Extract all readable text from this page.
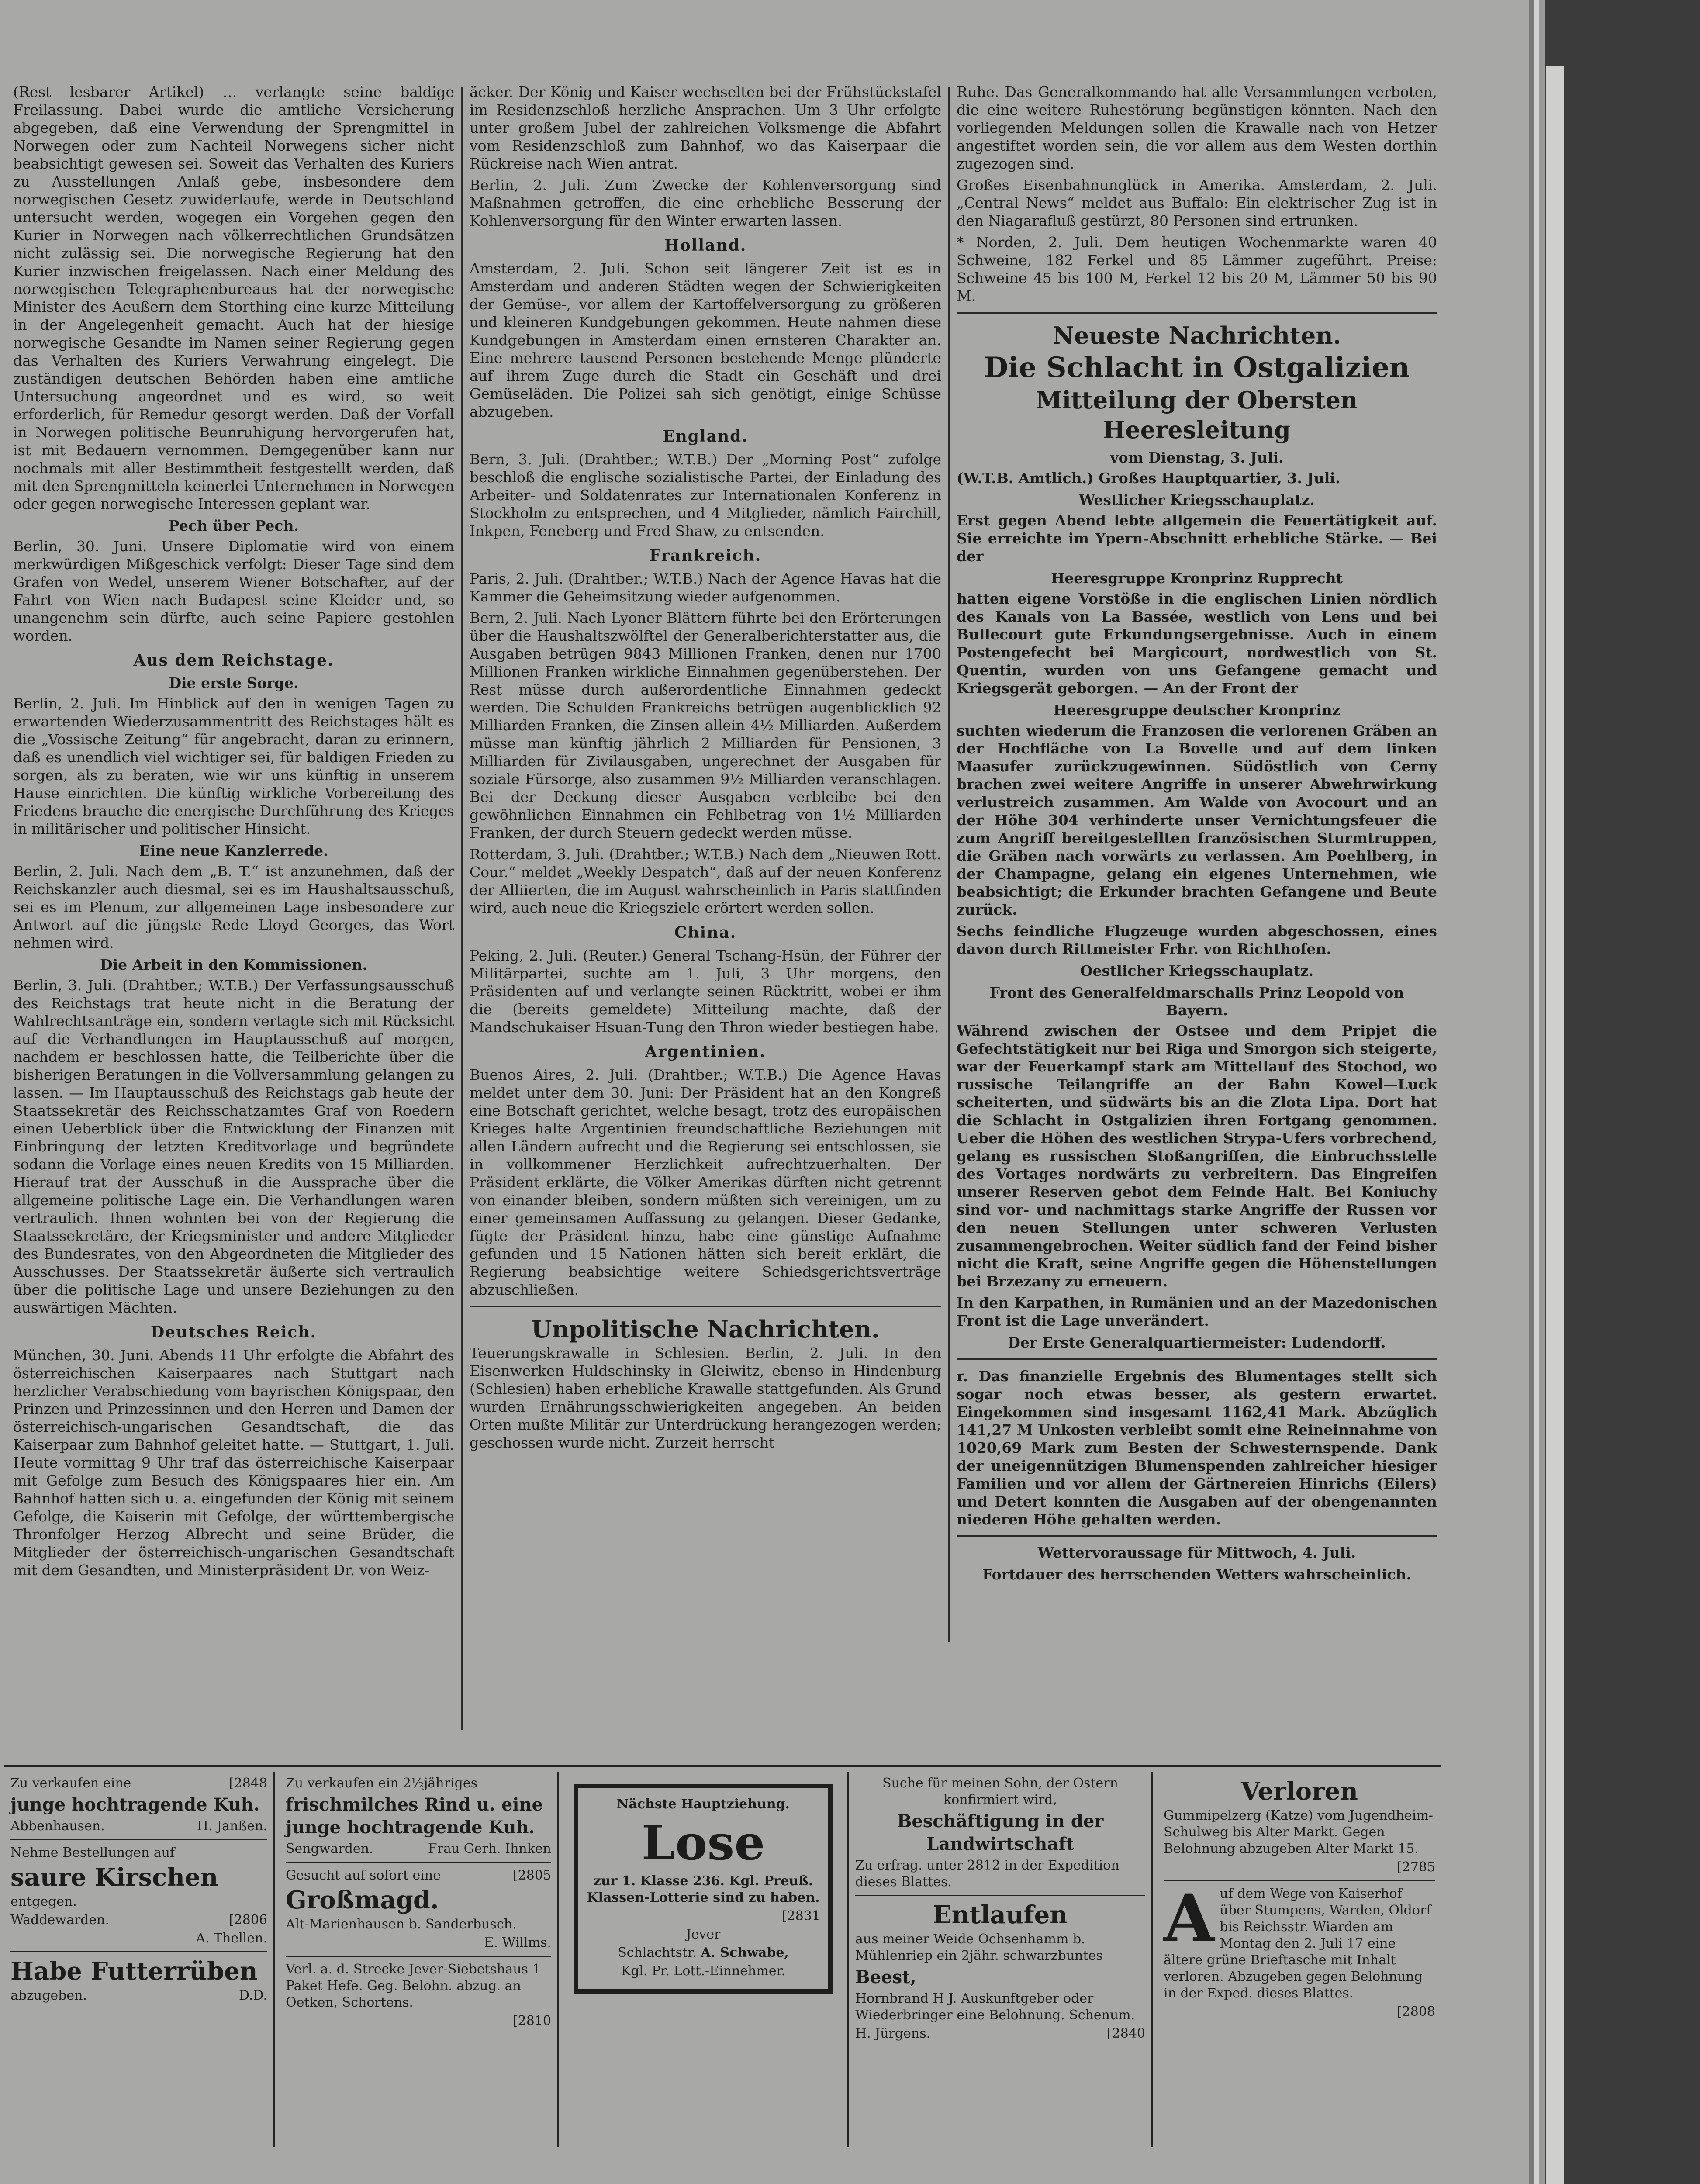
(Rest lesbarer Artikel) … verlangte seine baldige Freilassung. Dabei wurde die amtliche Versicherung abgegeben, daß eine Verwendung der Sprengmittel in Norwegen oder zum Nachteil Norwegens sicher nicht beabsichtigt gewesen sei. Soweit das Verhalten des Kuriers zu Ausstellungen Anlaß gebe, insbesondere dem norwegischen Gesetz zuwiderlaufe, werde in Deutschland untersucht werden, wogegen ein Vorgehen gegen den Kurier in Norwegen nach völkerrechtlichen Grundsätzen nicht zulässig sei. Die norwegische Regierung hat den Kurier inzwischen freigelassen. Nach einer Meldung des norwegischen Telegraphenbureaus hat der norwegische Minister des Aeußern dem Storthing eine kurze Mitteilung in der Angelegenheit gemacht. Auch hat der hiesige norwegische Gesandte im Namen seiner Regierung gegen das Verhalten des Kuriers Verwahrung eingelegt. Die zuständigen deutschen Behörden haben eine amtliche Untersuchung angeordnet und es wird, so weit erforderlich, für Remedur gesorgt werden. Daß der Vorfall in Norwegen politische Beunruhigung hervorgerufen hat, ist mit Bedauern vernommen. Demgegenüber kann nur nochmals mit aller Bestimmtheit festgestellt werden, daß mit den Sprengmitteln keinerlei Unternehmen in Norwegen oder gegen norwegische Interessen geplant war.

Pech über Pech.

Berlin, 30. Juni. Unsere Diplomatie wird von einem merkwürdigen Mißgeschick verfolgt: Dieser Tage sind dem Grafen von Wedel, unserem Wiener Botschafter, auf der Fahrt von Wien nach Budapest seine Kleider und, so unangenehm sein dürfte, auch seine Papiere gestohlen worden.

Aus dem Reichstage.
Die erste Sorge.

Berlin, 2. Juli. Im Hinblick auf den in wenigen Tagen zu erwartenden Wiederzusammentritt des Reichstages hält es die „Vossische Zeitung“ für angebracht, daran zu erinnern, daß es unendlich viel wichtiger sei, für baldigen Frieden zu sorgen, als zu beraten, wie wir uns künftig in unserem Hause einrichten. Die künftig wirkliche Vorbereitung des Friedens brauche die energische Durchführung des Krieges in militärischer und politischer Hinsicht.

Eine neue Kanzlerrede.

Berlin, 2. Juli. Nach dem „B. T.“ ist anzunehmen, daß der Reichskanzler auch diesmal, sei es im Haushaltsausschuß, sei es im Plenum, zur allgemeinen Lage insbesondere zur Antwort auf die jüngste Rede Lloyd Georges, das Wort nehmen wird.

Die Arbeit in den Kommissionen.

Berlin, 3. Juli. (Drahtber.; W.T.B.) Der Verfassungsausschuß des Reichstags trat heute nicht in die Beratung der Wahlrechtsanträge ein, sondern vertagte sich mit Rücksicht auf die Verhandlungen im Hauptausschuß auf morgen, nachdem er beschlossen hatte, die Teilberichte über die bisherigen Beratungen in die Vollversammlung gelangen zu lassen. — Im Hauptausschuß des Reichstags gab heute der Staatssekretär des Reichsschatzamtes Graf von Roedern einen Ueberblick über die Entwicklung der Finanzen mit Einbringung der letzten Kreditvorlage und begründete sodann die Vorlage eines neuen Kredits von 15 Milliarden. Hierauf trat der Ausschuß in die Aussprache über die allgemeine politische Lage ein. Die Verhandlungen waren vertraulich. Ihnen wohnten bei von der Regierung die Staatssekretäre, der Kriegsminister und andere Mitglieder des Bundesrates, von den Abgeordneten die Mitglieder des Ausschusses. Der Staatssekretär äußerte sich vertraulich über die politische Lage und unsere Beziehungen zu den auswärtigen Mächten.

Deutsches Reich.

München, 30. Juni. Abends 11 Uhr erfolgte die Abfahrt des österreichischen Kaiserpaares nach Stuttgart nach herzlicher Verabschiedung vom bayrischen Königspaar, den Prinzen und Prinzessinnen und den Herren und Damen der österreichisch-ungarischen Gesandtschaft, die das Kaiserpaar zum Bahnhof geleitet hatte. — Stuttgart, 1. Juli. Heute vormittag 9 Uhr traf das österreichische Kaiserpaar mit Gefolge zum Besuch des Königspaares hier ein. Am Bahnhof hatten sich u. a. eingefunden der König mit seinem Gefolge, die Kaiserin mit Gefolge, der württembergische Thronfolger Herzog Albrecht und seine Brüder, die Mitglieder der österreichisch-ungarischen Gesandtschaft mit dem Gesandten, und Ministerpräsident Dr. von Weiz-

äcker. Der König und Kaiser wechselten bei der Frühstückstafel im Residenzschloß herzliche Ansprachen. Um 3 Uhr erfolgte unter großem Jubel der zahlreichen Volksmenge die Abfahrt vom Residenzschloß zum Bahnhof, wo das Kaiserpaar die Rückreise nach Wien antrat.

Berlin, 2. Juli. Zum Zwecke der Kohlenversorgung sind Maßnahmen getroffen, die eine erhebliche Besserung der Kohlenversorgung für den Winter erwarten lassen.

Holland.

Amsterdam, 2. Juli. Schon seit längerer Zeit ist es in Amsterdam und anderen Städten wegen der Schwierigkeiten der Gemüse-, vor allem der Kartoffelversorgung zu größeren und kleineren Kundgebungen gekommen. Heute nahmen diese Kundgebungen in Amsterdam einen ernsteren Charakter an. Eine mehrere tausend Personen bestehende Menge plünderte auf ihrem Zuge durch die Stadt ein Geschäft und drei Gemüseläden. Die Polizei sah sich genötigt, einige Schüsse abzugeben.

England.

Bern, 3. Juli. (Drahtber.; W.T.B.) Der „Morning Post“ zufolge beschloß die englische sozialistische Partei, der Einladung des Arbeiter- und Soldatenrates zur Internationalen Konferenz in Stockholm zu entsprechen, und 4 Mitglieder, nämlich Fairchill, Inkpen, Feneberg und Fred Shaw, zu entsenden.

Frankreich.

Paris, 2. Juli. (Drahtber.; W.T.B.) Nach der Agence Havas hat die Kammer die Geheimsitzung wieder aufgenommen.

Bern, 2. Juli. Nach Lyoner Blättern führte bei den Erörterungen über die Haushaltszwölftel der Generalberichterstatter aus, die Ausgaben betrügen 9843 Millionen Franken, denen nur 1700 Millionen Franken wirkliche Einnahmen gegenüberstehen. Der Rest müsse durch außerordentliche Einnahmen gedeckt werden. Die Schulden Frankreichs betrügen augenblicklich 92 Milliarden Franken, die Zinsen allein 4½ Milliarden. Außerdem müsse man künftig jährlich 2 Milliarden für Pensionen, 3 Milliarden für Zivilausgaben, ungerechnet der Ausgaben für soziale Fürsorge, also zusammen 9½ Milliarden veranschlagen. Bei der Deckung dieser Ausgaben verbleibe bei den gewöhnlichen Einnahmen ein Fehlbetrag von 1½ Milliarden Franken, der durch Steuern gedeckt werden müsse.

Rotterdam, 3. Juli. (Drahtber.; W.T.B.) Nach dem „Nieuwen Rott. Cour.“ meldet „Weekly Despatch“, daß auf der neuen Konferenz der Alliierten, die im August wahrscheinlich in Paris stattfinden wird, auch neue die Kriegsziele erörtert werden sollen.

China.

Peking, 2. Juli. (Reuter.) General Tschang-Hsün, der Führer der Militärpartei, suchte am 1. Juli, 3 Uhr morgens, den Präsidenten auf und verlangte seinen Rücktritt, wobei er ihm die (bereits gemeldete) Mitteilung machte, daß der Mandschukaiser Hsuan-Tung den Thron wieder bestiegen habe.

Argentinien.

Buenos Aires, 2. Juli. (Drahtber.; W.T.B.) Die Agence Havas meldet unter dem 30. Juni: Der Präsident hat an den Kongreß eine Botschaft gerichtet, welche besagt, trotz des europäischen Krieges halte Argentinien freundschaftliche Beziehungen mit allen Ländern aufrecht und die Regierung sei entschlossen, sie in vollkommener Herzlichkeit aufrechtzuerhalten. Der Präsident erklärte, die Völker Amerikas dürften nicht getrennt von einander bleiben, sondern müßten sich vereinigen, um zu einer gemeinsamen Auffassung zu gelangen. Dieser Gedanke, fügte der Präsident hinzu, habe eine günstige Aufnahme gefunden und 15 Nationen hätten sich bereit erklärt, die Regierung beabsichtige weitere Schiedsgerichtsverträge abzuschließen.

Unpolitische Nachrichten.

Teuerungskrawalle in Schlesien. Berlin, 2. Juli. In den Eisenwerken Huldschinsky in Gleiwitz, ebenso in Hindenburg (Schlesien) haben erhebliche Krawalle stattgefunden. Als Grund wurden Ernährungsschwierigkeiten angegeben. An beiden Orten mußte Militär zur Unterdrückung herangezogen werden; geschossen wurde nicht. Zurzeit herrscht

Ruhe. Das Generalkommando hat alle Versammlungen verboten, die eine weitere Ruhestörung begünstigen könnten. Nach den vorliegenden Meldungen sollen die Krawalle nach von Hetzer angestiftet worden sein, die vor allem aus dem Westen dorthin zugezogen sind.

Großes Eisenbahnunglück in Amerika. Amsterdam, 2. Juli. „Central News“ meldet aus Buffalo: Ein elektrischer Zug ist in den Niagarafluß gestürzt, 80 Personen sind ertrunken.

* Norden, 2. Juli. Dem heutigen Wochenmarkte waren 40 Schweine, 182 Ferkel und 85 Lämmer zugeführt. Preise: Schweine 45 bis 100 M, Ferkel 12 bis 20 M, Lämmer 50 bis 90 M.

Neueste Nachrichten.
Die Schlacht in Ostgalizien
Mitteilung der Obersten Heeresleitung
vom Dienstag, 3. Juli.

(W.T.B. Amtlich.) Großes Hauptquartier, 3. Juli.

Westlicher Kriegsschauplatz.

Erst gegen Abend lebte allgemein die Feuertätigkeit auf. Sie erreichte im Ypern-Abschnitt erhebliche Stärke. — Bei der

Heeresgruppe Kronprinz Rupprecht

hatten eigene Vorstöße in die englischen Linien nördlich des Kanals von La Bassée, westlich von Lens und bei Bullecourt gute Erkundungsergebnisse. Auch in einem Postengefecht bei Margicourt, nordwestlich von St. Quentin, wurden von uns Gefangene gemacht und Kriegsgerät geborgen. — An der Front der

Heeresgruppe deutscher Kronprinz

suchten wiederum die Franzosen die verlorenen Gräben an der Hochfläche von La Bovelle und auf dem linken Maasufer zurückzugewinnen. Südöstlich von Cerny brachen zwei weitere Angriffe in unserer Abwehrwirkung verlustreich zusammen. Am Walde von Avocourt und an der Höhe 304 verhinderte unser Vernichtungsfeuer die zum Angriff bereitgestellten französischen Sturmtruppen, die Gräben nach vorwärts zu verlassen. Am Poehlberg, in der Champagne, gelang ein eigenes Unternehmen, wie beabsichtigt; die Erkunder brachten Gefangene und Beute zurück.

Sechs feindliche Flugzeuge wurden abgeschossen, eines davon durch Rittmeister Frhr. von Richthofen.

Oestlicher Kriegsschauplatz.
Front des Generalfeldmarschalls Prinz Leopold von Bayern.

Während zwischen der Ostsee und dem Pripjet die Gefechtstätigkeit nur bei Riga und Smorgon sich steigerte, war der Feuerkampf stark am Mittellauf des Stochod, wo russische Teilangriffe an der Bahn Kowel—Luck scheiterten, und südwärts bis an die Zlota Lipa. Dort hat die Schlacht in Ostgalizien ihren Fortgang genommen. Ueber die Höhen des westlichen Strypa-Ufers vorbrechend, gelang es russischen Stoßangriffen, die Einbruchsstelle des Vortages nordwärts zu verbreitern. Das Eingreifen unserer Reserven gebot dem Feinde Halt. Bei Koniuchy sind vor- und nachmittags starke Angriffe der Russen vor den neuen Stellungen unter schweren Verlusten zusammengebrochen. Weiter südlich fand der Feind bisher nicht die Kraft, seine Angriffe gegen die Höhenstellungen bei Brzezany zu erneuern.

In den Karpathen, in Rumänien und an der Mazedonischen Front ist die Lage unverändert.

Der Erste Generalquartiermeister: Ludendorff.

r. Das finanzielle Ergebnis des Blumentages stellt sich sogar noch etwas besser, als gestern erwartet. Eingekommen sind insgesamt 1162,41 Mark. Abzüglich 141,27 M Unkosten verbleibt somit eine Reineinnahme von 1020,69 Mark zum Besten der Schwesternspende. Dank der uneigennützigen Blumenspenden zahlreicher hiesiger Familien und vor allem der Gärtnereien Hinrichs (Eilers) und Detert konnten die Ausgaben auf der obengenannten niederen Höhe gehalten werden.

Wettervoraussage für Mittwoch, 4. Juli.
Fortdauer des herrschenden Wetters wahrscheinlich.

Zu verkaufen eine	[2848

junge hochtragende Kuh.

Abbenhausen.	H. Janßen.

Nehme Bestellungen auf

saure Kirschen

entgegen.

Waddewarden.	[2806

A. Thellen.

Habe Futterrüben

abzugeben.	D.D.

Zu verkaufen ein 2½jähriges

frischmilches Rind u. eine junge hochtragende Kuh.

Sengwarden.	Frau Gerh. Ihnken

Gesucht auf sofort eine	[2805

Großmagd.

Alt-Marienhausen b. Sanderbusch.

E. Willms.

Verl. a. d. Strecke Jever-Siebetshaus 1 Paket Hefe. Geg. Belohn. abzug. an Oetken, Schortens.

[2810

Nächste Hauptziehung.

Lose

zur 1. Klasse 236. Kgl. Preuß. Klassen-Lotterie sind zu haben.

[2831

Jever

Schlachtstr. A. Schwabe,

Kgl. Pr. Lott.-Einnehmer.

Suche für meinen Sohn, der Ostern konfirmiert wird,

Beschäftigung in der Landwirtschaft

Zu erfrag. unter 2812 in der Expedition dieses Blattes.

Entlaufen

aus meiner Weide Ochsenhamm b. Mühlenriep ein 2jähr. schwarzbuntes

Beest,

Hornbrand H J. Auskunftgeber oder Wiederbringer eine Belohnung. Schenum.

H. Jürgens.	[2840

Verloren

Gummipelzerg (Katze) vom Jugendheim-Schulweg bis Alter Markt. Gegen Belohnung abzugeben Alter Markt 15.

[2785

Auf dem Wege von Kaiserhof über Stumpens, Warden, Oldorf bis Reichsstr. Wiarden am Montag den 2. Juli 17 eine ältere grüne Brieftasche mit Inhalt verloren. Abzugeben gegen Belohnung in der Exped. dieses Blattes.

[2808
